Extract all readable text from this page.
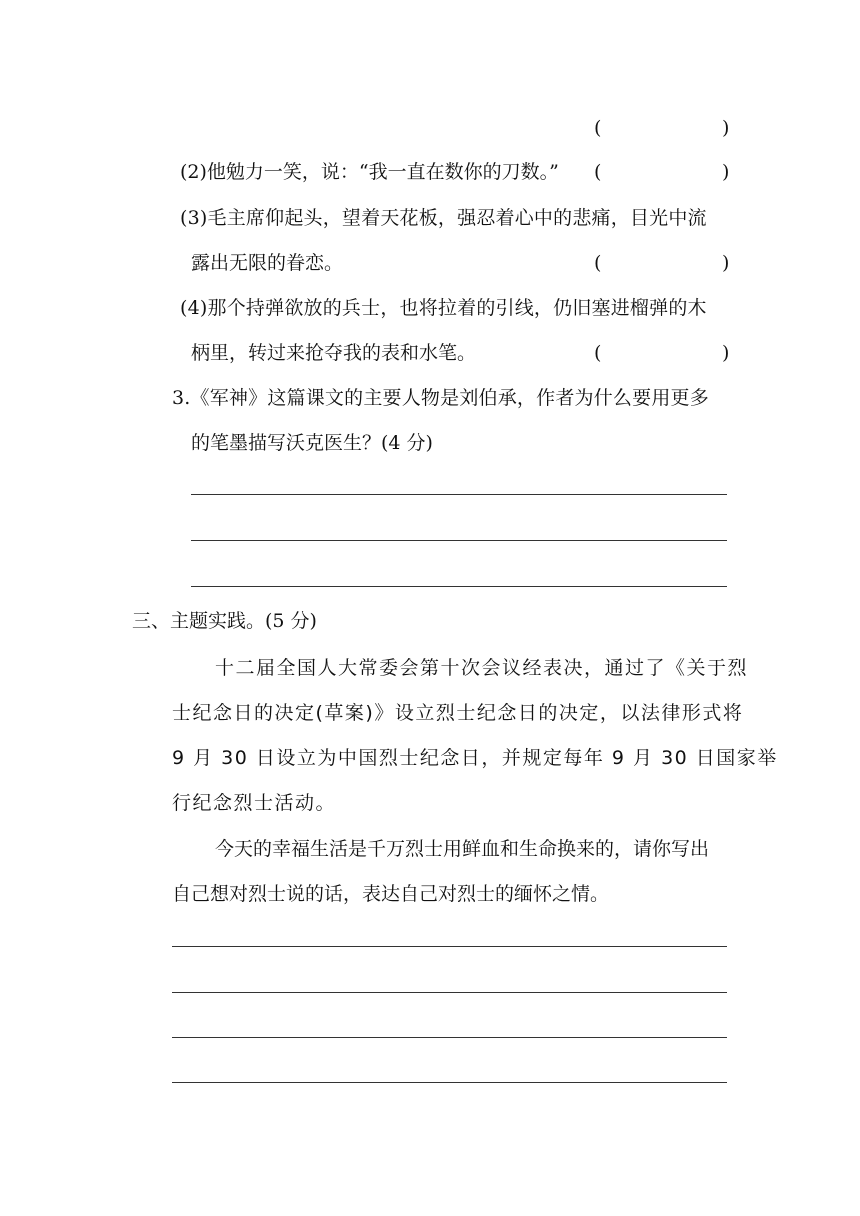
(	)
(2)他勉力一笑，说：“我一直在数你的刀数。” (	)
(3)毛主席仰起头，望着天花板，强忍着心中的悲痛，目光中流
露出无限的眷恋。	(	)
(4)那个持弹欲放的兵士，也将拉着的引线，仍旧塞进榴弹的木
柄里，转过来抢夺我的表和水笔。	(	)
3.《军神》这篇课文的主要人物是刘伯承，作者为什么要用更多
的笔墨描写沃克医生？(4 分)
三、主题实践。(5 分)
十二届全国人大常委会第十次会议经表决，通过了《关于烈
士纪念日的决定(草案)》设立烈士纪念日的决定，以法律形式将
9 月 30 日设立为中国烈士纪念日，并规定每年 9 月 30 日国家举
行纪念烈士活动。
今天的幸福生活是千万烈士用鲜血和生命换来的，请你写出
自己想对烈士说的话，表达自己对烈士的缅怀之情。
